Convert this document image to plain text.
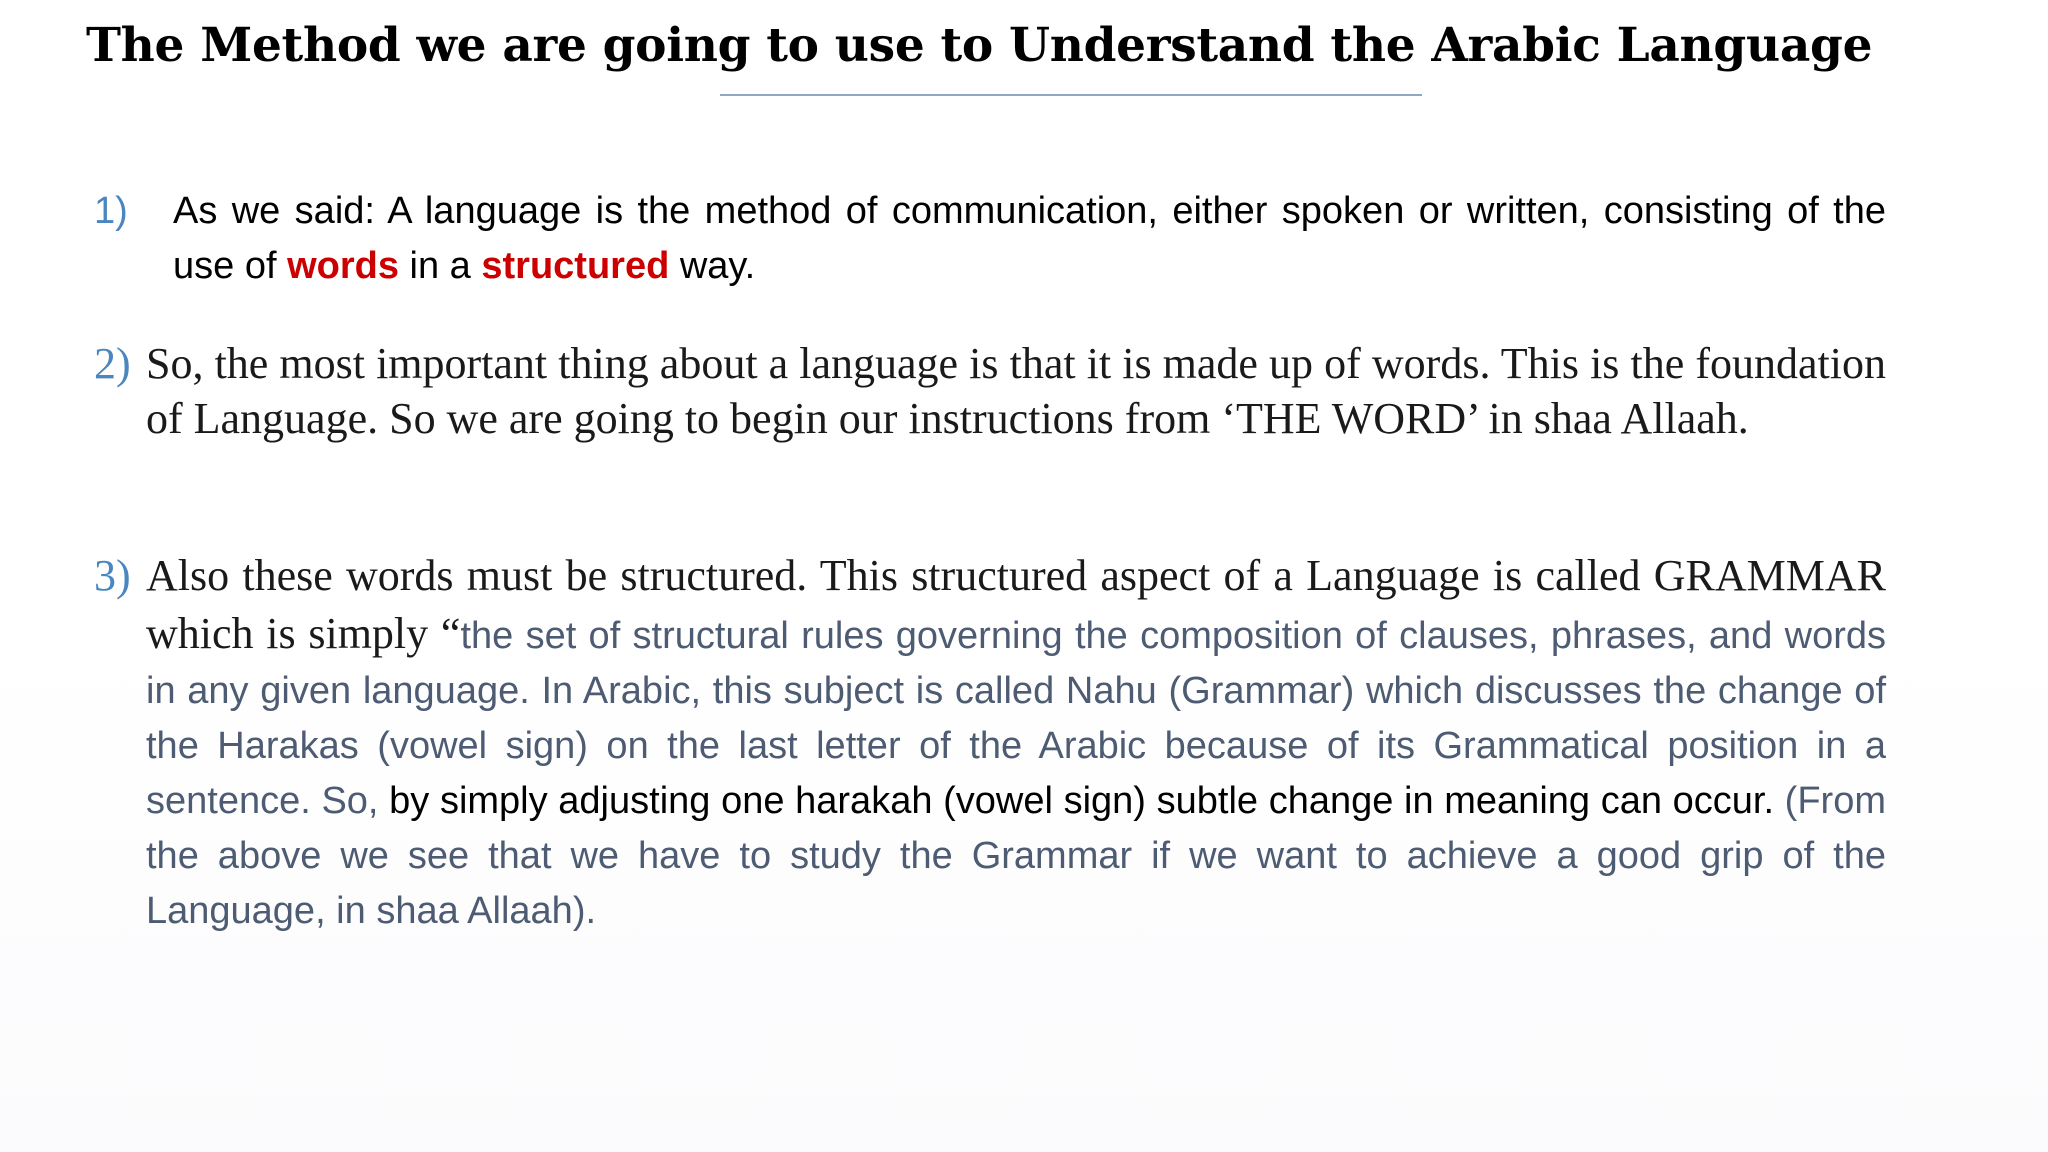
The Method we are going to use to Understand the Arabic Language
1) As we said: A language is the method of communication, either spoken or written, consisting of the use of words in a structured way.
2) So, the most important thing about a language is that it is made up of words. This is the foundation of Language. So we are going to begin our instructions from ‘THE WORD’ in shaa Allaah.
3) Also these words must be structured. This structured aspect of a Language is called GRAMMAR which is simply “the set of structural rules governing the composition of clauses, phrases, and words in any given language. In Arabic, this subject is called Nahu (Grammar) which discusses the change of the Harakas (vowel sign) on the last letter of the Arabic because of its Grammatical position in a sentence. So, by simply adjusting one harakah (vowel sign) subtle change in meaning can occur. (From the above we see that we have to study the Grammar if we want to achieve a good grip of the Language, in shaa Allaah).
